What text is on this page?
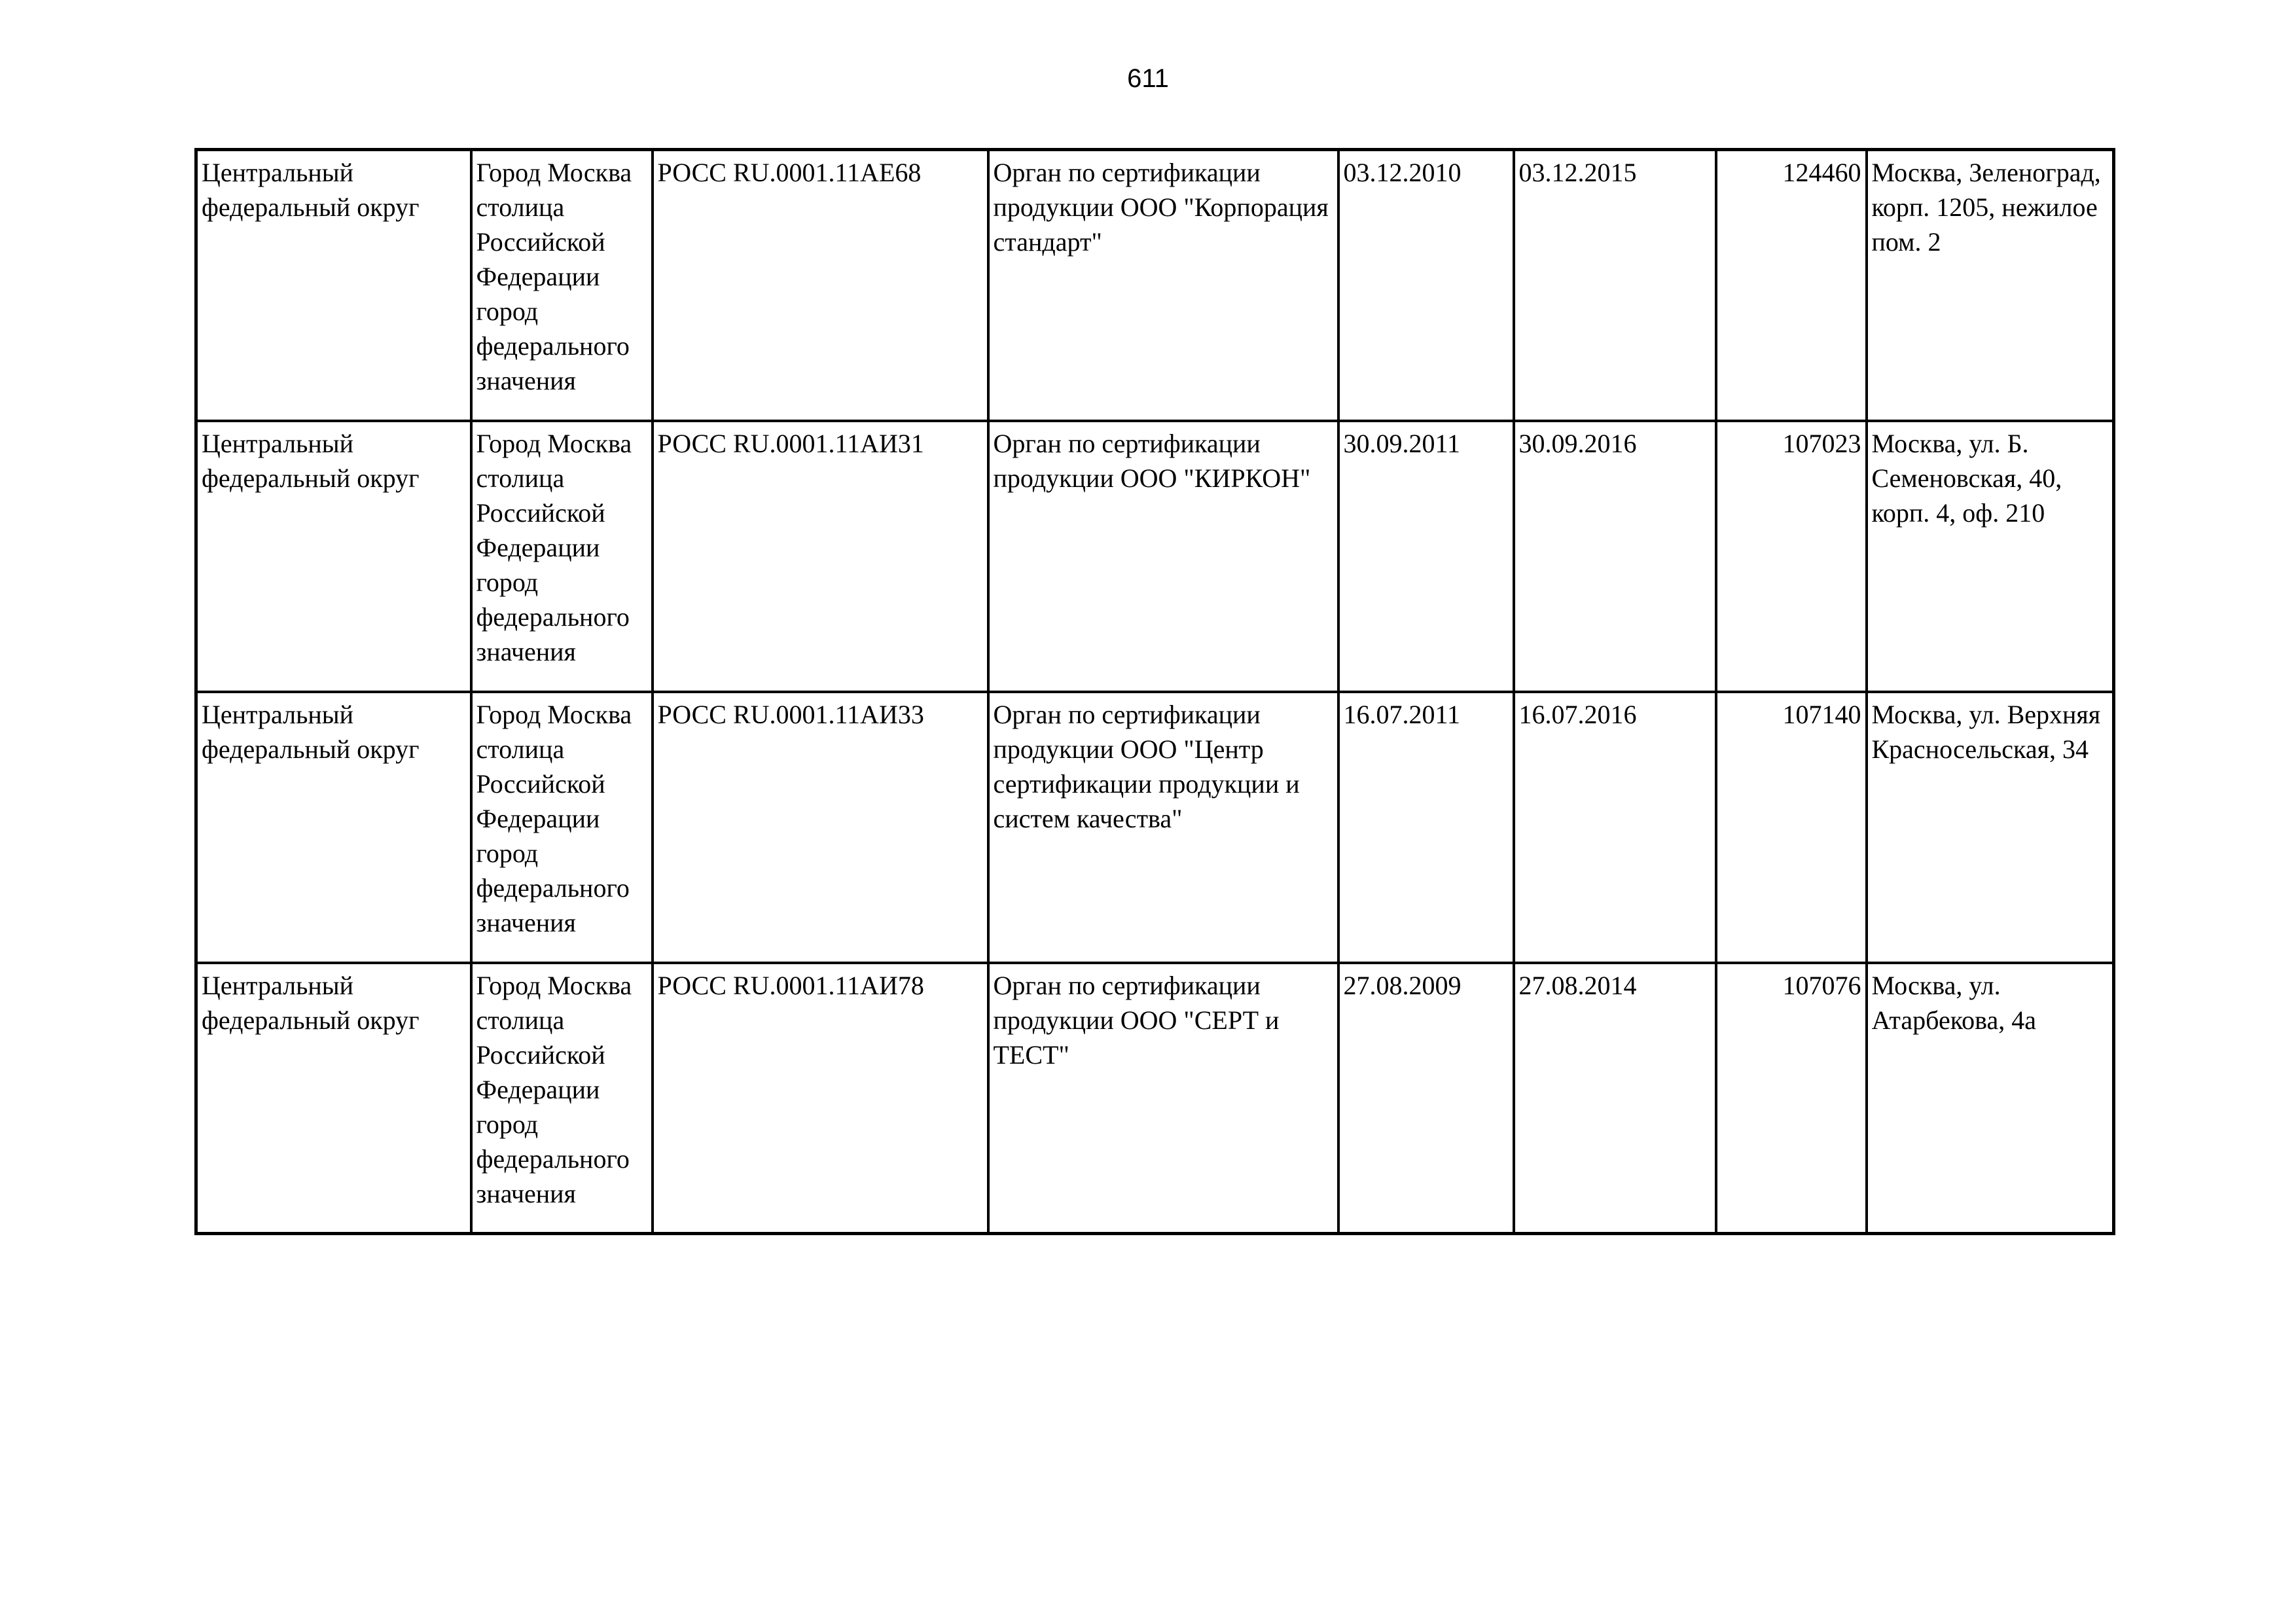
611
Центральный федеральный округ	Город Москва столица Российской Федерации город федерального значения	РОСС RU.0001.11АЕ68	Орган по сертификации продукции ООО "Корпорация стандарт"	03.12.2010	03.12.2015	124460	Москва, Зеленоград, корп. 1205, нежилое пом. 2

Центральный федеральный округ	Город Москва столица Российской Федерации город федерального значения	РОСС RU.0001.11АИ31	Орган по сертификации продукции ООО "КИРКОН"	30.09.2011	30.09.2016	107023	Москва, ул. Б. Семеновская, 40, корп. 4, оф. 210

Центральный федеральный округ	Город Москва столица Российской Федерации город федерального значения	РОСС RU.0001.11АИ33	Орган по сертификации продукции ООО "Центр сертификации продукции и систем качества"	16.07.2011	16.07.2016	107140	Москва, ул. Верхняя Красносельская, 34

Центральный федеральный округ	Город Москва столица Российской Федерации город федерального значения	РОСС RU.0001.11АИ78	Орган по сертификации продукции ООО "СЕРТ и ТЕСТ"	27.08.2009	27.08.2014	107076	Москва, ул. Атарбекова, 4а
